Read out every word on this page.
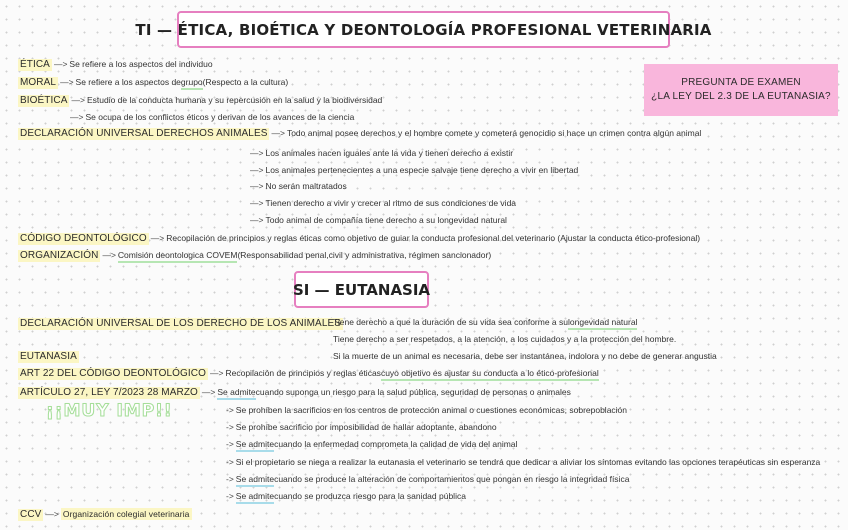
TI — ÉTICA, BIOÉTICA Y DEONTOLOGÍA PROFESIONAL VETERINARIA
PREGUNTA DE EXAMEN
¿LA LEY DEL 2.3 DE LA EUTANASIA?
ÉTICA —> Se refiere a los aspectos del individuo
MORAL —> Se refiere a los aspectos degrupo(Respecto a la cultura)
BIOÉTICA —> Estudio de la conducta humana y su repercusión en la salud y la biodiversidad
—> Se ocupa de los conflictos éticos y derivan de los avances de la ciencia
DECLARACIÓN UNIVERSAL DERECHOS ANIMALES —> Todo animal posee derechos y el hombre comete y cometerá genocidio si hace un crimen contra algún animal
—> Los animales nacen iguales ante la vida y tienen derecho a existir
—> Los animales pertenecientes a una especie salvaje tiene derecho a vivir en libertad
—> No serán maltratados
—> Tienen derecho a vivir y crecer al ritmo de sus condiciones de vida
—> Todo animal de compañía tiene derecho a su longevidad natural
CÓDIGO DEONTOLÓGICO —> Recopilación de principios y reglas éticas como objetivo de guiar la conducta profesional del veterinario (Ajustar la conducta ético-profesional)
ORGANIZACIÓN —> Comisión deontologica COVEM(Responsabilidad penal,civil y administrativa, régimen sancionador)
SI — EUTANASIA
DECLARACIÓN UNIVERSAL DE LOS DERECHO DE LOS ANIMALES
Tiene derecho a que la duración de su vida sea conforme a sulongevidad natural
Tiene derecho a ser respetados, a la atención, a los cuidados y a la protección del hombre.
Si la muerte de un animal es necesaria, debe ser instantánea, indolora y no debe de generar angustia
EUTANASIA
ART 22 DEL CÓDIGO DEONTOLÓGICO —> Recopilación de principios y reglas éticascuyo objetivo es ajustar su conducta a lo ético-profesional
ARTÍCULO 27, LEY 7/2023 28 MARZO —> Se admitecuando suponga un riesgo para la salud pública, seguridad de personas o animales
-> Se prohíben la sacrificios en los centros de protección animal o cuestiones económicas, sobrepoblación
-> Se prohíbe sacrificio por imposibilidad de hallar adoptante, abandono
-> Se admitecuando la enfermedad comprometa la calidad de vida del animal
-> Si el propietario se niega a realizar la eutanasia el veterinario se tendrá que dedicar a aliviar los síntomas evitando las opciones terapéuticas sin esperanza
-> Se admitecuando se produce la alteración de comportamientos que pongan en riesgo la integridad física
-> Se admitecuando se produzca riesgo para la sanidad pública
¡¡MUY IMP!!
CCV —> Organización colegial veterinaria
